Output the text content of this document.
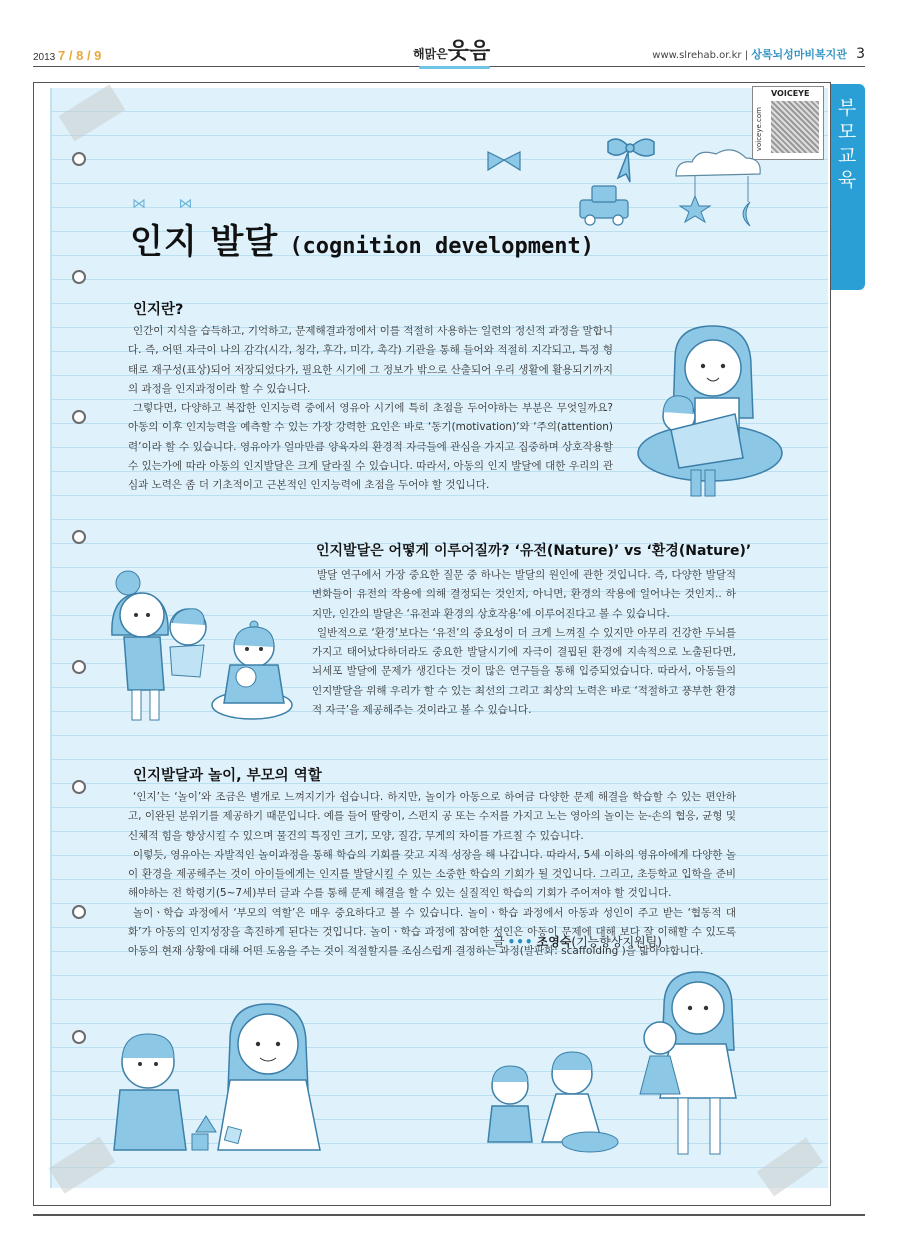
2013 7 / 8 / 9	해맑은웃음	www.slrehab.or.kr | 상록뇌성마비복지관 3
부모교육
VOICEYE
voiceye.com
⋈ ⋈
인지 발달 (cognition development)
인지란?

인간이 지식을 습득하고, 기억하고, 문제해결과정에서 이를 적절히 사용하는 일련의 정신적 과정을 말합니다. 즉, 어떤 자극이 나의 감각(시각, 청각, 후각, 미각, 촉각) 기관을 통해 들어와 적절히 지각되고, 특정 형태로 재구성(표상)되어 저장되었다가, 필요한 시기에 그 정보가 밖으로 산출되어 우리 생활에 활용되기까지의 과정을 인지과정이라 할 수 있습니다.

그렇다면, 다양하고 복잡한 인지능력 중에서 영유아 시기에 특히 초점을 두어야하는 부분은 무엇일까요? 아동의 이후 인지능력을 예측할 수 있는 가장 강력한 요인은 바로 ‘동기(motivation)’와 ‘주의(attention)력’이라 할 수 있습니다. 영유아가 얼마만큼 양육자의 환경적 자극들에 관심을 가지고 집중하며 상호작용할 수 있는가에 따라 아동의 인지발달은 크게 달라질 수 있습니다. 따라서, 아동의 인지 발달에 대한 우리의 관심과 노력은 좀 더 기초적이고 근본적인 인지능력에 초점을 두어야 할 것입니다.

인지발달은 어떻게 이루어질까? ‘유전(Nature)’ vs ‘환경(Nature)’

발달 연구에서 가장 중요한 질문 중 하나는 발달의 원인에 관한 것입니다. 즉, 다양한 발달적 변화들이 유전의 작용에 의해 결정되는 것인지, 아니면, 환경의 작용에 일어나는 것인지.. 하지만, 인간의 발달은 ‘유전과 환경의 상호작용’에 이루어진다고 볼 수 있습니다.

일반적으로 ‘환경’보다는 ‘유전’의 중요성이 더 크게 느껴질 수 있지만 아무리 건강한 두뇌를 가지고 태어났다하더라도 중요한 발달시기에 자극이 결핍된 환경에 지속적으로 노출된다면, 뇌세포 발달에 문제가 생긴다는 것이 많은 연구들을 통해 입증되었습니다. 따라서, 아동들의 인지발달을 위해 우리가 할 수 있는 최선의 그리고 최상의 노력은 바로 ‘적절하고 풍부한 환경적 자극’을 제공해주는 것이라고 볼 수 있습니다.

인지발달과 놀이, 부모의 역할

‘인지’는 ‘놀이’와 조금은 별개로 느껴지기가 쉽습니다. 하지만, 놀이가 아동으로 하여금 다양한 문제 해결을 학습할 수 있는 편안하고, 이완된 분위기를 제공하기 때문입니다. 예를 들어 딸랑이, 스펀지 공 또는 수저를 가지고 노는 영아의 놀이는 눈-손의 협응, 균형 및 신체적 힘을 향상시킬 수 있으며 물건의 특징인 크기, 모양, 질감, 무게의 차이를 가르칠 수 있습니다.

이렇듯, 영유아는 자발적인 놀이과정을 통해 학습의 기회를 갖고 지적 성장을 해 나갑니다. 따라서, 5세 이하의 영유아에게 다양한 놀이 환경을 제공해주는 것이 아이들에게는 인지를 발달시킬 수 있는 소중한 학습의 기회가 될 것입니다. 그리고, 초등학교 입학을 준비해야하는 전 학령기(5~7세)부터 글과 수를 통해 문제 해결을 할 수 있는 실질적인 학습의 기회가 주어져야 할 것입니다.

놀이ㆍ학습 과정에서 ‘부모의 역할’은 매우 중요하다고 볼 수 있습니다. 놀이ㆍ학습 과정에서 아동과 성인이 주고 받는 ‘협동적 대화’가 아동의 인지성장을 촉진하게 된다는 것입니다. 놀이ㆍ학습 과정에 참여한 성인은 아동이 문제에 대해 보다 잘 이해할 수 있도록 아동의 현재 상황에 대해 어떤 도움을 주는 것이 적절할지를 조심스럽게 결정하는 과정(발판화: scaffolding )을 밟아야합니다.

글 ••• 조영숙(기능향상지원팀)
